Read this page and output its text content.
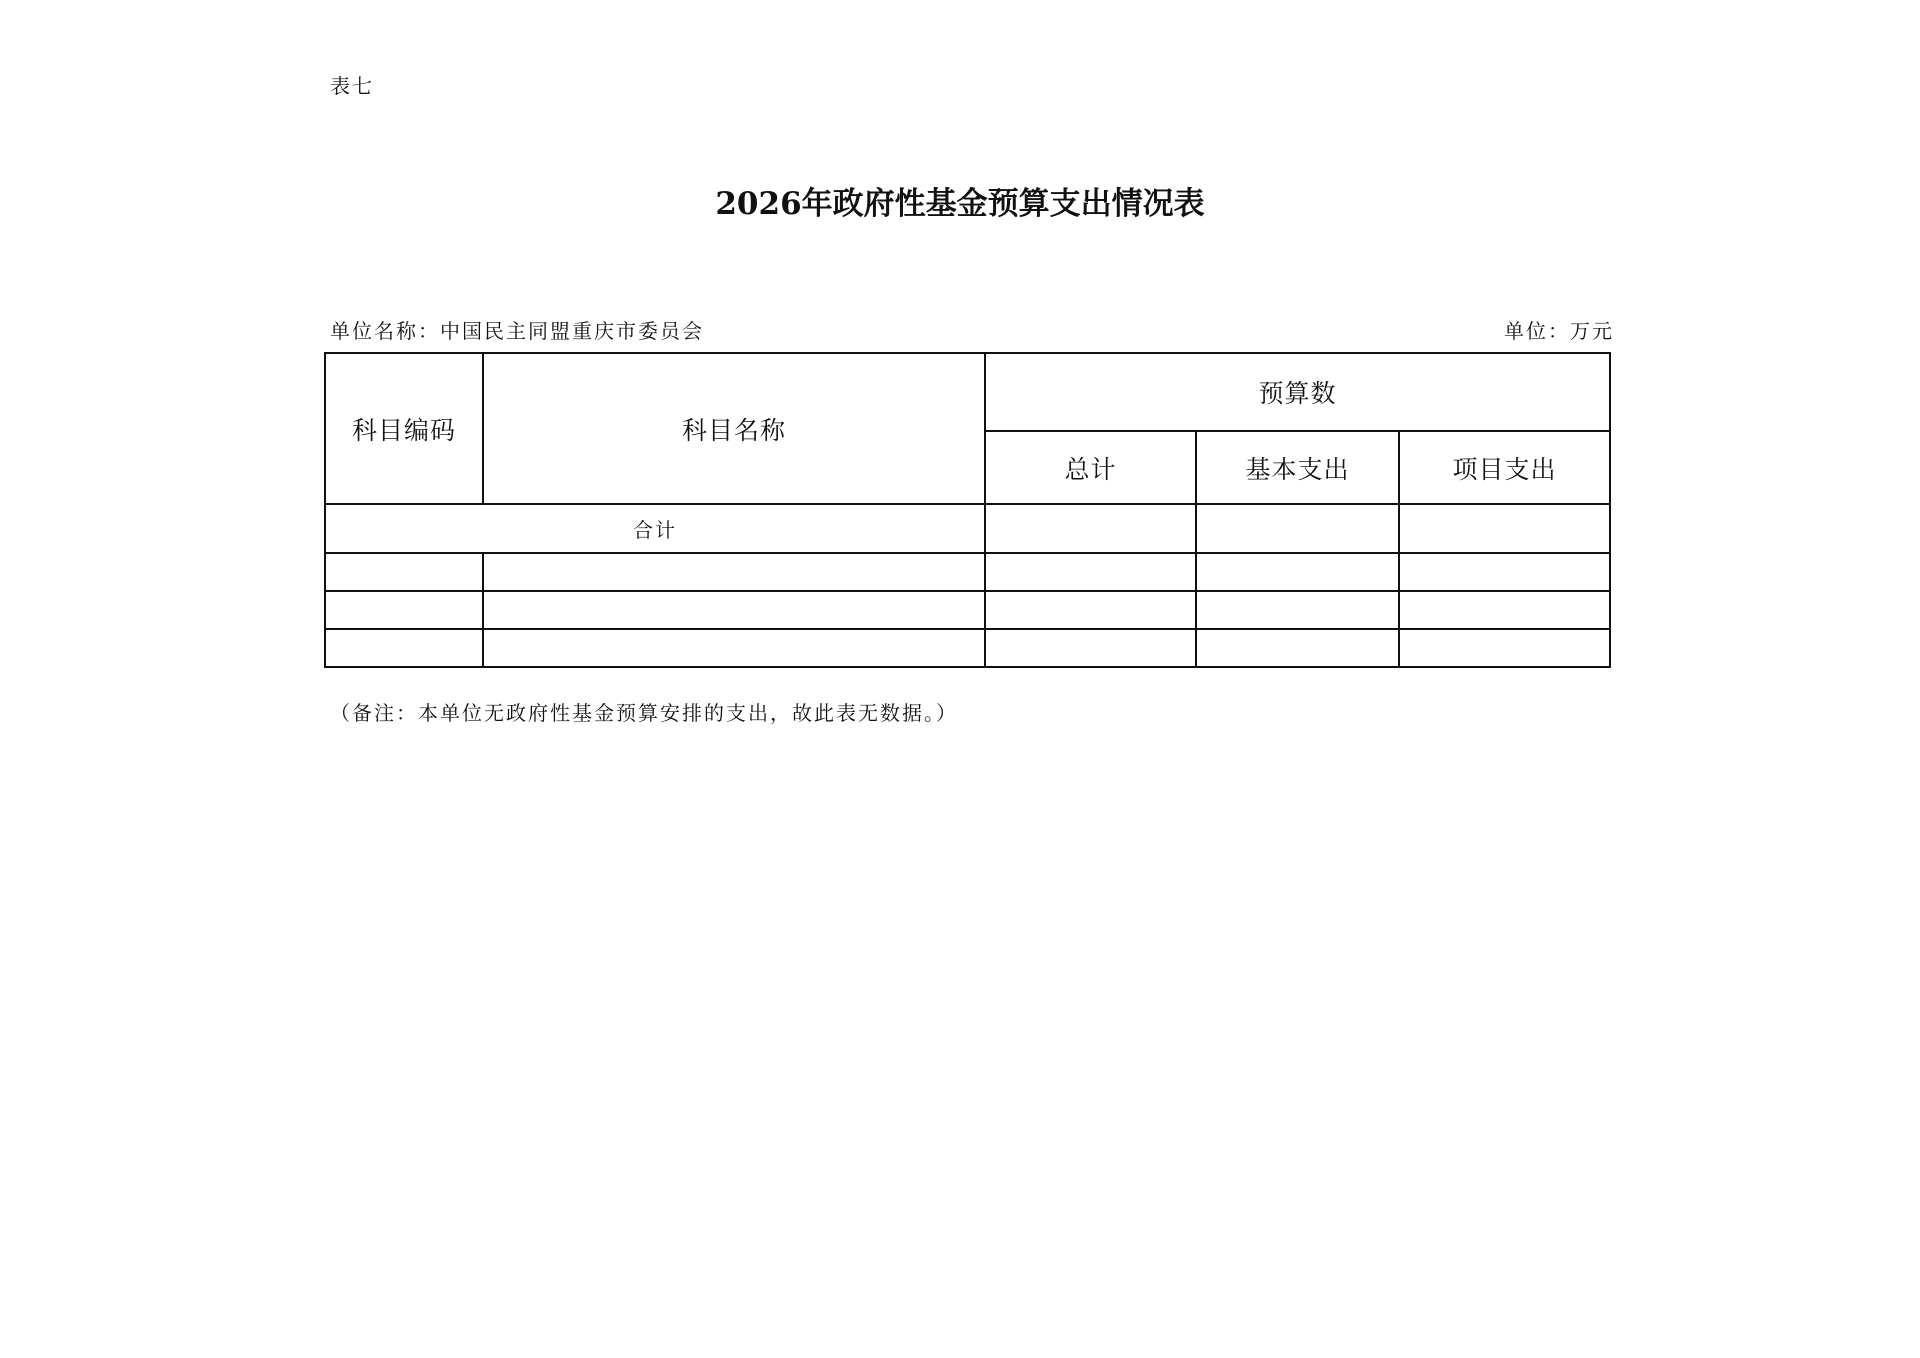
表七
2026年政府性基金预算支出情况表
单位名称：中国民主同盟重庆市委员会	单位：万元
科目编码	科目名称	预算数		
		总计	基本支出	项目支出
合计				

（备注：本单位无政府性基金预算安排的支出，故此表无数据。）
